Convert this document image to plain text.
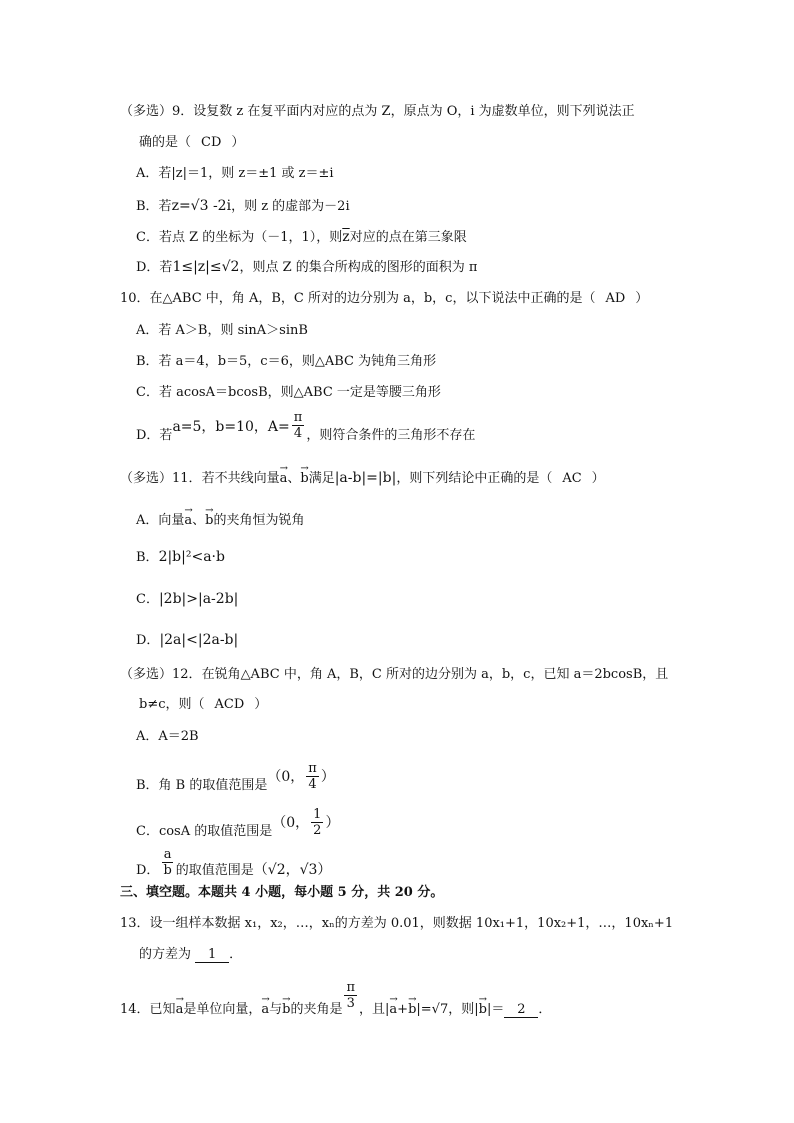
（多选）9．设复数 z 在复平面内对应的点为 Z，原点为 O，i 为虚数单位，则下列说法正
确的是（ CD ）
A．若|z|＝1，则 z＝±1 或 z＝±i
B．若z=√3 -2i，则 z 的虚部为－2i
C．若点 Z 的坐标为（－1，1），则$\overline{z}$对应的点在第三象限
D．若1≤|z|≤√2，则点 Z 的集合所构成的图形的面积为 π
10．在△ABC 中，角 A，B，C 所对的边分别为 a，b，c，以下说法中正确的是（ AD ）
A．若 A＞B，则 sinA＞sinB
B．若 a＝4，b＝5，c＝6，则△ABC 为钝角三角形
C．若 acosA＝bcosB，则△ABC 一定是等腰三角形
D．若a=5，b=10，$A= \frac{\pi}{4}$ ，则符合条件的三角形不存在
（多选）11．若不共线向量→ a、→ b满足|a-b|=|b|，则下列结论中正确的是（ AC ）
A．向量→ a、→ b的夹角恒为锐角
B．2|b|²<a·b
C．|2b|>|a-2b|
D．|2a|<|2a-b|
（多选）12．在锐角△ABC 中，角 A，B，C 所对的边分别为 a，b，c，已知 a＝2bcosB，且
b≠c，则（ ACD ）
A．A＝2B
B．角 B 的取值范围是（0， $\frac{\pi}{4}$ ）
C．cosA 的取值范围是（0， $\frac{1}{2}$ ）
D． $\frac{a}{b}$ 的取值范围是（√2，√3）
三、填空题。本题共 4 小题，每小题 5 分，共 20 分。
13．设一组样本数据 x₁，x₂，…，xₙ的方差为 0.01，则数据 10x₁+1，10x₂+1，…，10xₙ+1
的方差为 1 ．
14．已知→ a是单位向量，→ a与→ b的夹角是 $\frac{\pi}{3}$ ，且|→ a+→ b|=√7，则|→ b|＝ 2 ．
